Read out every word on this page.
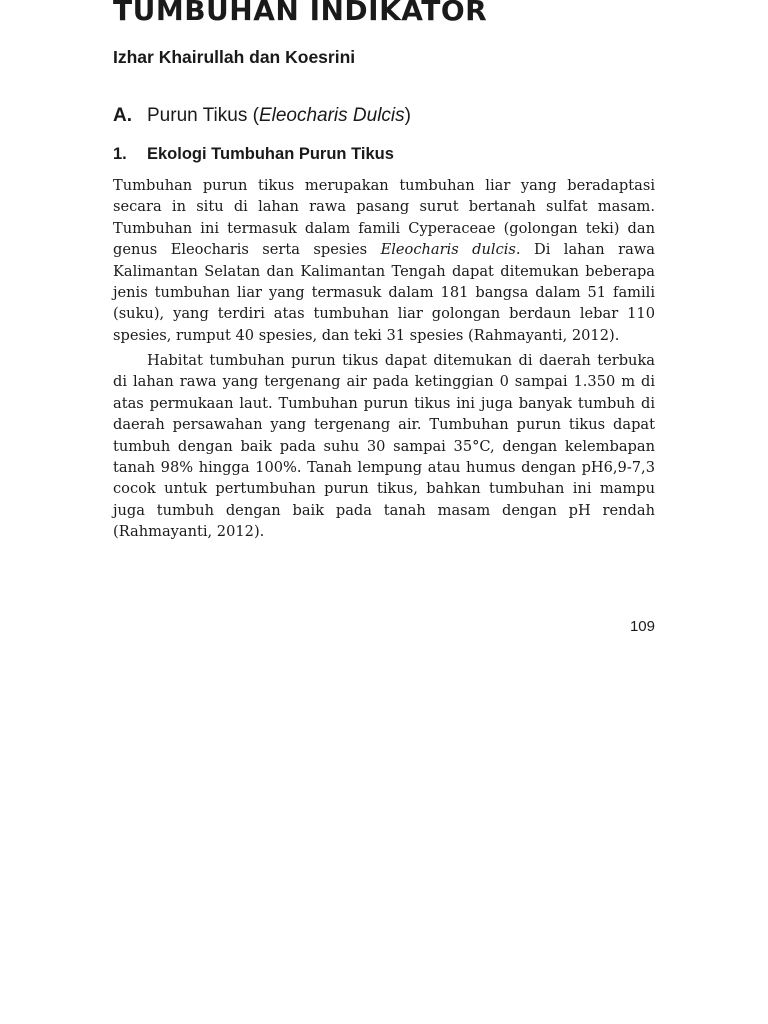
TUMBUHAN INDIKATOR
Izhar Khairullah dan Koesrini
A. Purun Tikus (Eleocharis Dulcis)
1. Ekologi Tumbuhan Purun Tikus
Tumbuhan purun tikus merupakan tumbuhan liar yang beradaptasi secara in situ di lahan rawa pasang surut bertanah sulfat masam. Tumbuhan ini termasuk dalam famili Cyperaceae (golongan teki) dan genus Eleocharis serta spesies Eleocharis dulcis. Di lahan rawa Kalimantan Selatan dan Kalimantan Tengah dapat ditemukan beberapa jenis tumbuhan liar yang termasuk dalam 181 bangsa dalam 51 famili (suku), yang terdiri atas tumbuhan liar golongan berdaun lebar 110 spesies, rumput 40 spesies, dan teki 31 spesies (Rahmayanti, 2012).
Habitat tumbuhan purun tikus dapat ditemukan di daerah terbuka di lahan rawa yang tergenang air pada ketinggian 0 sampai 1.350 m di atas permukaan laut. Tumbuhan purun tikus ini juga banyak tumbuh di daerah persawahan yang tergenang air. Tumbuhan purun tikus dapat tumbuh dengan baik pada suhu 30 sampai 35°C, dengan kelembapan tanah 98% hingga 100%. Tanah lempung atau humus dengan pH6,9-7,3 cocok untuk pertumbuhan purun tikus, bahkan tumbuhan ini mampu juga tumbuh dengan baik pada tanah masam dengan pH rendah (Rahmayanti, 2012).
109
